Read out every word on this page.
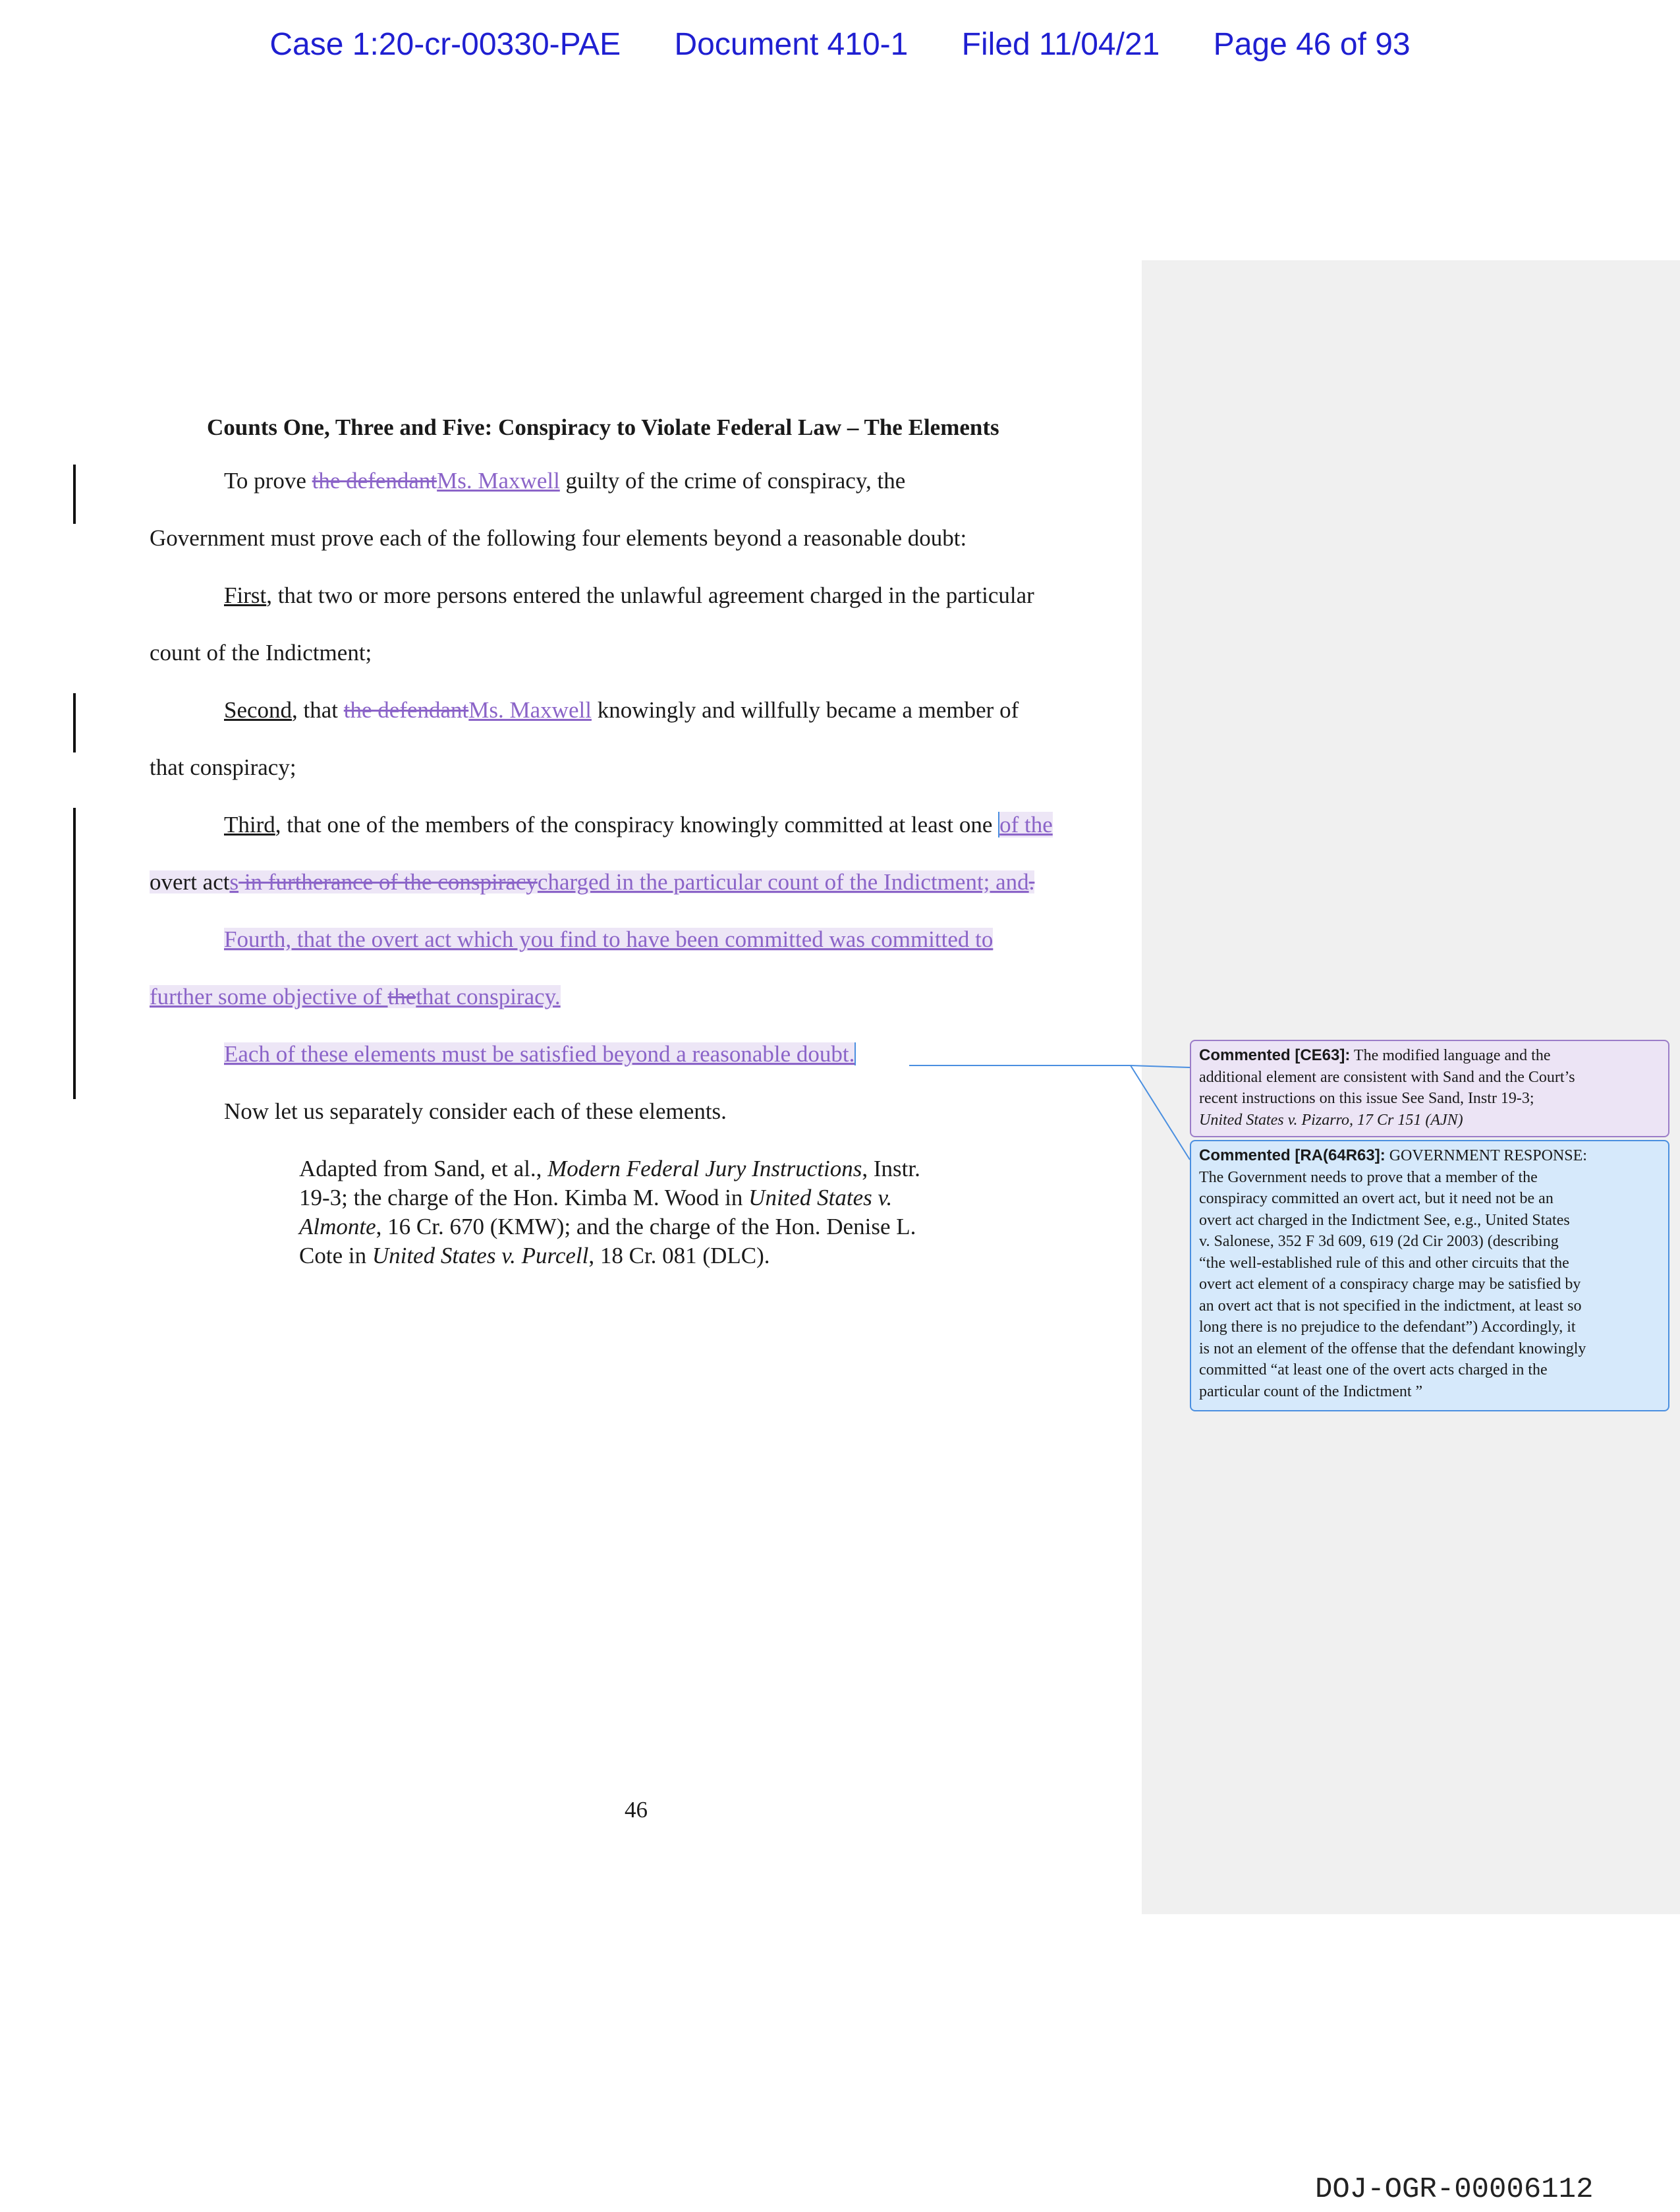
Case 1:20-cr-00330-PAE Document 410-1 Filed 11/04/21 Page 46 of 93
Counts One, Three and Five: Conspiracy to Violate Federal Law – The Elements
To prove the defendantMs. Maxwell guilty of the crime of conspiracy, the
Government must prove each of the following four elements beyond a reasonable doubt:
First, that two or more persons entered the unlawful agreement charged in the particular
count of the Indictment;
Second, that the defendantMs. Maxwell knowingly and willfully became a member of
that conspiracy;
Third, that one of the members of the conspiracy knowingly committed at least one of the
overt acts in furtherance of the conspiracycharged in the particular count of the Indictment; and.
Fourth, that the overt act which you find to have been committed was committed to
further some objective of thethat conspiracy.
Each of these elements must be satisfied beyond a reasonable doubt.
Now let us separately consider each of these elements.
Adapted from Sand, et al., Modern Federal Jury Instructions, Instr.
19-3; the charge of the Hon. Kimba M. Wood in United States v.
Almonte, 16 Cr. 670 (KMW); and the charge of the Hon. Denise L.
Cote in United States v. Purcell, 18 Cr. 081 (DLC).
Commented [CE63]: The modified language and the
additional element are consistent with Sand and the Court’s
recent instructions on this issue See Sand, Instr 19-3;
United States v. Pizarro, 17 Cr 151 (AJN)
Commented [RA(64R63]: GOVERNMENT RESPONSE:
The Government needs to prove that a member of the
conspiracy committed an overt act, but it need not be an
overt act charged in the Indictment See, e.g., United States
v. Salonese, 352 F 3d 609, 619 (2d Cir 2003) (describing
“the well-established rule of this and other circuits that the
overt act element of a conspiracy charge may be satisfied by
an overt act that is not specified in the indictment, at least so
long there is no prejudice to the defendant”) Accordingly, it
is not an element of the offense that the defendant knowingly
committed “at least one of the overt acts charged in the
particular count of the Indictment ”
46
DOJ-OGR-00006112
